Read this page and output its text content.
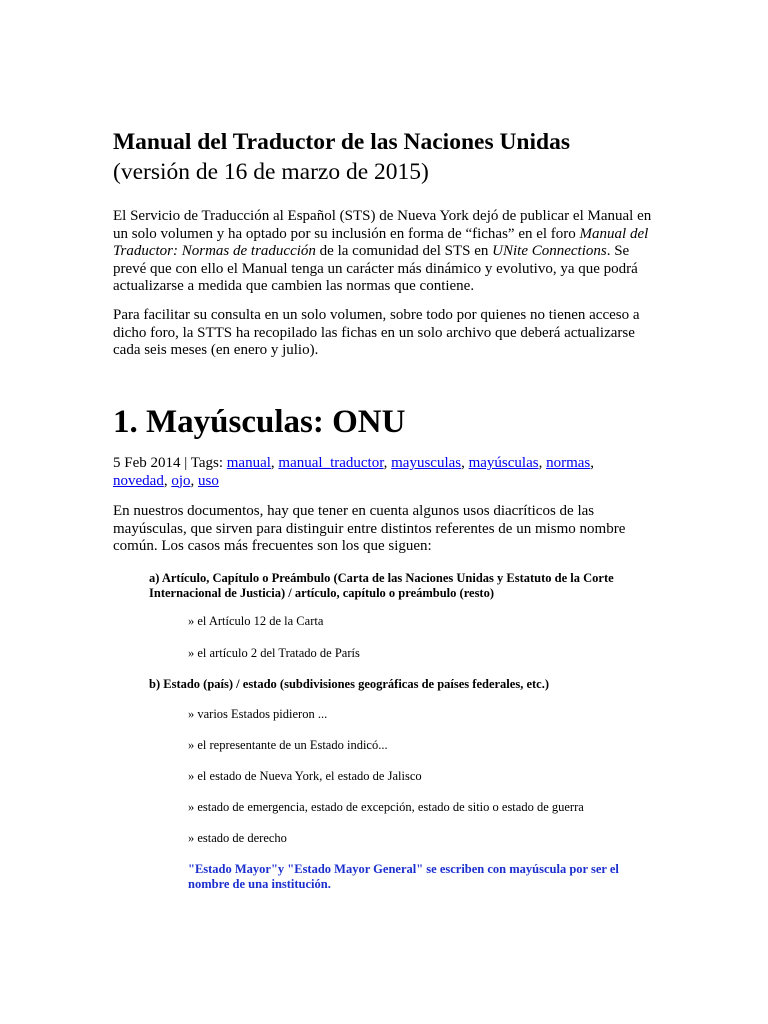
Manual del Traductor de las Naciones Unidas
(versión de 16 de marzo de 2015)
El Servicio de Traducción al Español (STS) de Nueva York dejó de publicar el Manual en un solo volumen y ha optado por su inclusión en forma de “fichas” en el foro Manual del Traductor: Normas de traducción de la comunidad del STS en UNite Connections. Se prevé que con ello el Manual tenga un carácter más dinámico y evolutivo, ya que podrá actualizarse a medida que cambien las normas que contiene.
Para facilitar su consulta en un solo volumen, sobre todo por quienes no tienen acceso a dicho foro, la STTS ha recopilado las fichas en un solo archivo que deberá actualizarse cada seis meses (en enero y julio).
1. Mayúsculas: ONU
5 Feb 2014 | Tags: manual, manual_traductor, mayusculas, mayúsculas, normas, novedad, ojo, uso
En nuestros documentos, hay que tener en cuenta algunos usos diacríticos de las mayúsculas, que sirven para distinguir entre distintos referentes de un mismo nombre común. Los casos más frecuentes son los que siguen:
a) Artículo, Capítulo o Preámbulo (Carta de las Naciones Unidas y Estatuto de la Corte Internacional de Justicia) / artículo, capítulo o preámbulo (resto)
» el Artículo 12 de la Carta
» el artículo 2 del Tratado de París
b) Estado (país) / estado (subdivisiones geográficas de países federales, etc.)
» varios Estados pidieron ...
» el representante de un Estado indicó...
» el estado de Nueva York, el estado de Jalisco
» estado de emergencia, estado de excepción, estado de sitio o estado de guerra
» estado de derecho
"Estado Mayor"y "Estado Mayor General" se escriben con mayúscula por ser el nombre de una institución.
